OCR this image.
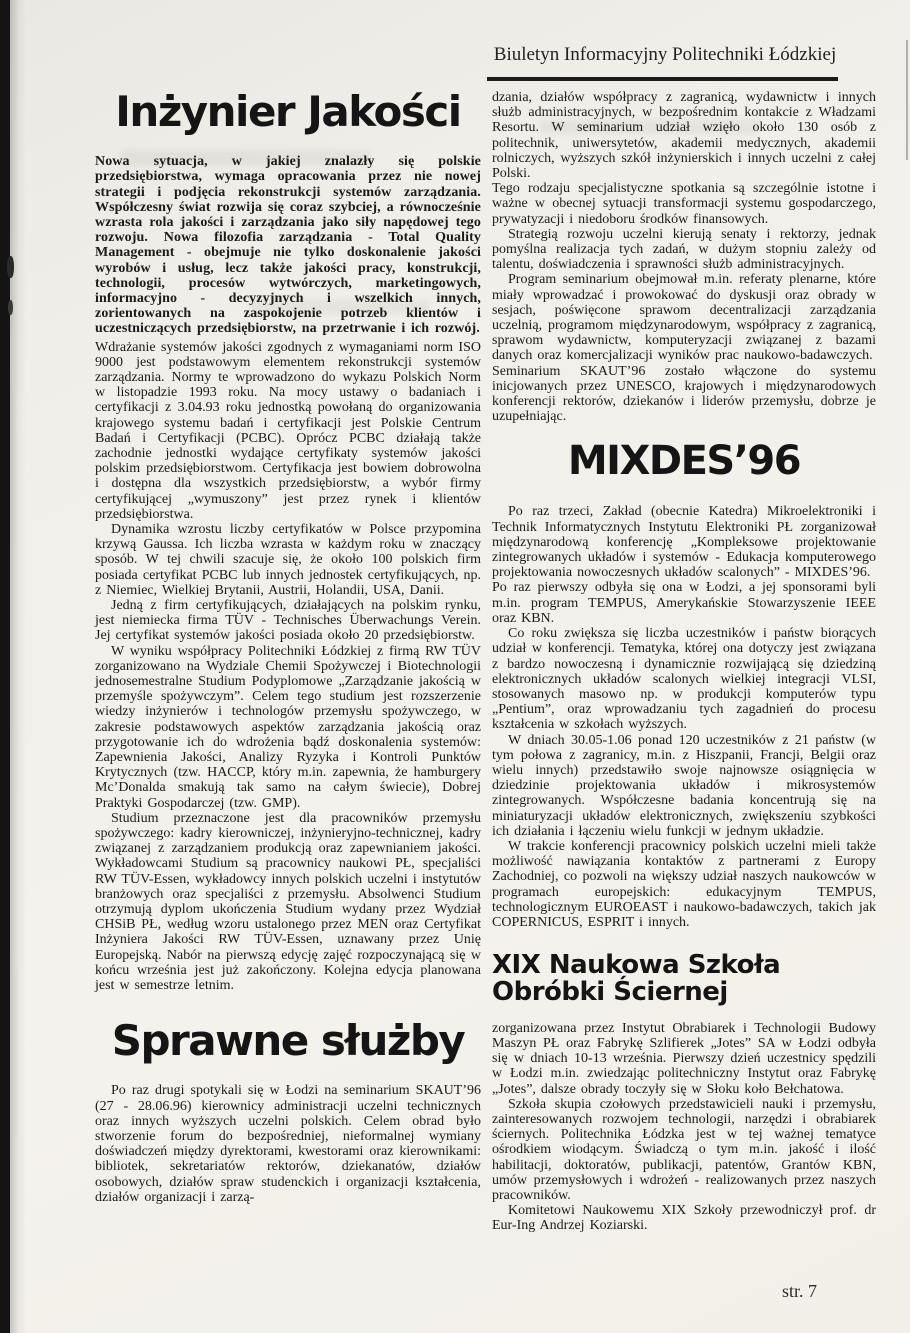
Biuletyn Informacyjny Politechniki Łódzkiej
Inżynier Jakości

Nowa sytuacja, w jakiej znalazły się polskie przedsiębiorstwa, wymaga opracowania przez nie nowej strategii i podjęcia rekonstrukcji systemów zarządzania. Współczesny świat rozwija się coraz szybciej, a równocześnie wzrasta rola jakości i zarządzania jako siły napędowej tego rozwoju. Nowa filozofia zarządzania - Total Quality Management - obejmuje nie tylko doskonalenie jakości wyrobów i usług, lecz także jakości pracy, konstrukcji, technologii, procesów wytwórczych, marketingowych, informacyjno - decyzyjnych i wszelkich innych, zorientowanych na zaspokojenie potrzeb klientów i uczestniczących przedsiębiorstw, na przetrwanie i ich rozwój.

Wdrażanie systemów jakości zgodnych z wymaganiami norm ISO 9000 jest podstawowym elementem rekonstrukcji systemów zarządzania. Normy te wprowadzono do wykazu Polskich Norm w listopadzie 1993 roku. Na mocy ustawy o badaniach i certyfikacji z 3.04.93 roku jednostką powołaną do organizowania krajowego systemu badań i certyfikacji jest Polskie Centrum Badań i Certyfikacji (PCBC). Oprócz PCBC działają także zachodnie jednostki wydające certyfikaty systemów jakości polskim przedsiębiorstwom. Certyfikacja jest bowiem dobrowolna i dostępna dla wszystkich przedsiębiorstw, a wybór firmy certyfikującej „wymuszony” jest przez rynek i klientów przedsiębiorstwa.

Dynamika wzrostu liczby certyfikatów w Polsce przypomina krzywą Gaussa. Ich liczba wzrasta w każdym roku w znaczący sposób. W tej chwili szacuje się, że około 100 polskich firm posiada certyfikat PCBC lub innych jednostek certyfikujących, np. z Niemiec, Wielkiej Brytanii, Austrii, Holandii, USA, Danii.

Jedną z firm certyfikujących, działających na polskim rynku, jest niemiecka firma TÜV - Technisches Überwachungs Verein. Jej certyfikat systemów jakości posiada około 20 przedsiębiorstw.

W wyniku współpracy Politechniki Łódzkiej z firmą RW TÜV zorganizowano na Wydziale Chemii Spożywczej i Biotechnologii jednosemestralne Studium Podyplomowe „Zarządzanie jakością w przemyśle spożywczym”. Celem tego studium jest rozszerzenie wiedzy inżynierów i technologów przemysłu spożywczego, w zakresie podstawowych aspektów zarządzania jakością oraz przygotowanie ich do wdrożenia bądź doskonalenia systemów: Zapewnienia Jakości, Analizy Ryzyka i Kontroli Punktów Krytycznych (tzw. HACCP, który m.in. zapewnia, że hamburgery Mc’Donalda smakują tak samo na całym świecie), Dobrej Praktyki Gospodarczej (tzw. GMP).

Studium przeznaczone jest dla pracowników przemysłu spożywczego: kadry kierowniczej, inżynieryjno-technicznej, kadry związanej z zarządzaniem produkcją oraz zapewnianiem jakości. Wykładowcami Studium są pracownicy naukowi PŁ, specjaliści RW TÜV-Essen, wykładowcy innych polskich uczelni i instytutów branżowych oraz specjaliści z przemysłu. Absolwenci Studium otrzymują dyplom ukończenia Studium wydany przez Wydział CHSiB PŁ, według wzoru ustalonego przez MEN oraz Certyfikat Inżyniera Jakości RW TÜV-Essen, uznawany przez Unię Europejską. Nabór na pierwszą edycję zajęć rozpoczynającą się w końcu września jest już zakończony. Kolejna edycja planowana jest w semestrze letnim.

Sprawne służby

Po raz drugi spotykali się w Łodzi na seminarium SKAUT’96 (27 - 28.06.96) kierownicy administracji uczelni technicznych oraz innych wyższych uczelni polskich. Celem obrad było stworzenie forum do bezpośredniej, nieformalnej wymiany doświadczeń między dyrektorami, kwestorami oraz kierownikami: bibliotek, sekretariatów rektorów, dziekanatów, działów osobowych, działów spraw studenckich i organizacji kształcenia, działów organizacji i zarzą-

dzania, działów współpracy z zagranicą, wydawnictw i innych służb administracyjnych, w bezpośrednim kontakcie z Władzami Resortu. W seminarium udział wzięło około 130 osób z politechnik, uniwersytetów, akademii medycznych, akademii rolniczych, wyższych szkół inżynierskich i innych uczelni z całej Polski.

Tego rodzaju specjalistyczne spotkania są szczególnie istotne i ważne w obecnej sytuacji transformacji systemu gospodarczego, prywatyzacji i niedoboru środków finansowych.

Strategią rozwoju uczelni kierują senaty i rektorzy, jednak pomyślna realizacja tych zadań, w dużym stopniu zależy od talentu, doświadczenia i sprawności służb administracyjnych.

Program seminarium obejmował m.in. referaty plenarne, które miały wprowadzać i prowokować do dyskusji oraz obrady w sesjach, poświęcone sprawom decentralizacji zarządzania uczelnią, programom międzynarodowym, współpracy z zagranicą, sprawom wydawnictw, komputeryzacji związanej z bazami danych oraz komercjalizacji wyników prac naukowo-badawczych.

Seminarium SKAUT’96 zostało włączone do systemu inicjowanych przez UNESCO, krajowych i międzynarodowych konferencji rektorów, dziekanów i liderów przemysłu, dobrze je uzupełniając.

MIXDES’96

Po raz trzeci, Zakład (obecnie Katedra) Mikroelektroniki i Technik Informatycznych Instytutu Elektroniki PŁ zorganizował międzynarodową konferencję „Kompleksowe projektowanie zintegrowanych układów i systemów - Edukacja komputerowego projektowania nowoczesnych układów scalonych” - MIXDES’96.

Po raz pierwszy odbyła się ona w Łodzi, a jej sponsorami byli m.in. program TEMPUS, Amerykańskie Stowarzyszenie IEEE oraz KBN.

Co roku zwiększa się liczba uczestników i państw biorących udział w konferencji. Tematyka, której ona dotyczy jest związana z bardzo nowoczesną i dynamicznie rozwijającą się dziedziną elektronicznych układów scalonych wielkiej integracji VLSI, stosowanych masowo np. w produkcji komputerów typu „Pentium”, oraz wprowadzaniu tych zagadnień do procesu kształcenia w szkołach wyższych.

W dniach 30.05-1.06 ponad 120 uczestników z 21 państw (w tym połowa z zagranicy, m.in. z Hiszpanii, Francji, Belgii oraz wielu innych) przedstawiło swoje najnowsze osiągnięcia w dziedzinie projektowania układów i mikrosystemów zintegrowanych. Współczesne badania koncentrują się na miniaturyzacji układów elektronicznych, zwiększeniu szybkości ich działania i łączeniu wielu funkcji w jednym układzie.

W trakcie konferencji pracownicy polskich uczelni mieli także możliwość nawiązania kontaktów z partnerami z Europy Zachodniej, co pozwoli na większy udział naszych naukowców w programach europejskich: edukacyjnym TEMPUS, technologicznym EUROEAST i naukowo-badawczych, takich jak COPERNICUS, ESPRIT i innych.

XIX Naukowa Szkoła Obróbki Ściernej

zorganizowana przez Instytut Obrabiarek i Technologii Budowy Maszyn PŁ oraz Fabrykę Szlifierek „Jotes” SA w Łodzi odbyła się w dniach 10-13 września. Pierwszy dzień uczestnicy spędzili w Łodzi m.in. zwiedzając politechniczny Instytut oraz Fabrykę „Jotes”, dalsze obrady toczyły się w Słoku koło Bełchatowa.

Szkoła skupia czołowych przedstawicieli nauki i przemysłu, zainteresowanych rozwojem technologii, narzędzi i obrabiarek ściernych. Politechnika Łódzka jest w tej ważnej tematyce ośrodkiem wiodącym. Świadczą o tym m.in. jakość i ilość habilitacji, doktoratów, publikacji, patentów, Grantów KBN, umów przemysłowych i wdrożeń - realizowanych przez naszych pracowników.

Komitetowi Naukowemu XIX Szkoły przewodniczył prof. dr Eur-Ing Andrzej Koziarski.

str. 7
